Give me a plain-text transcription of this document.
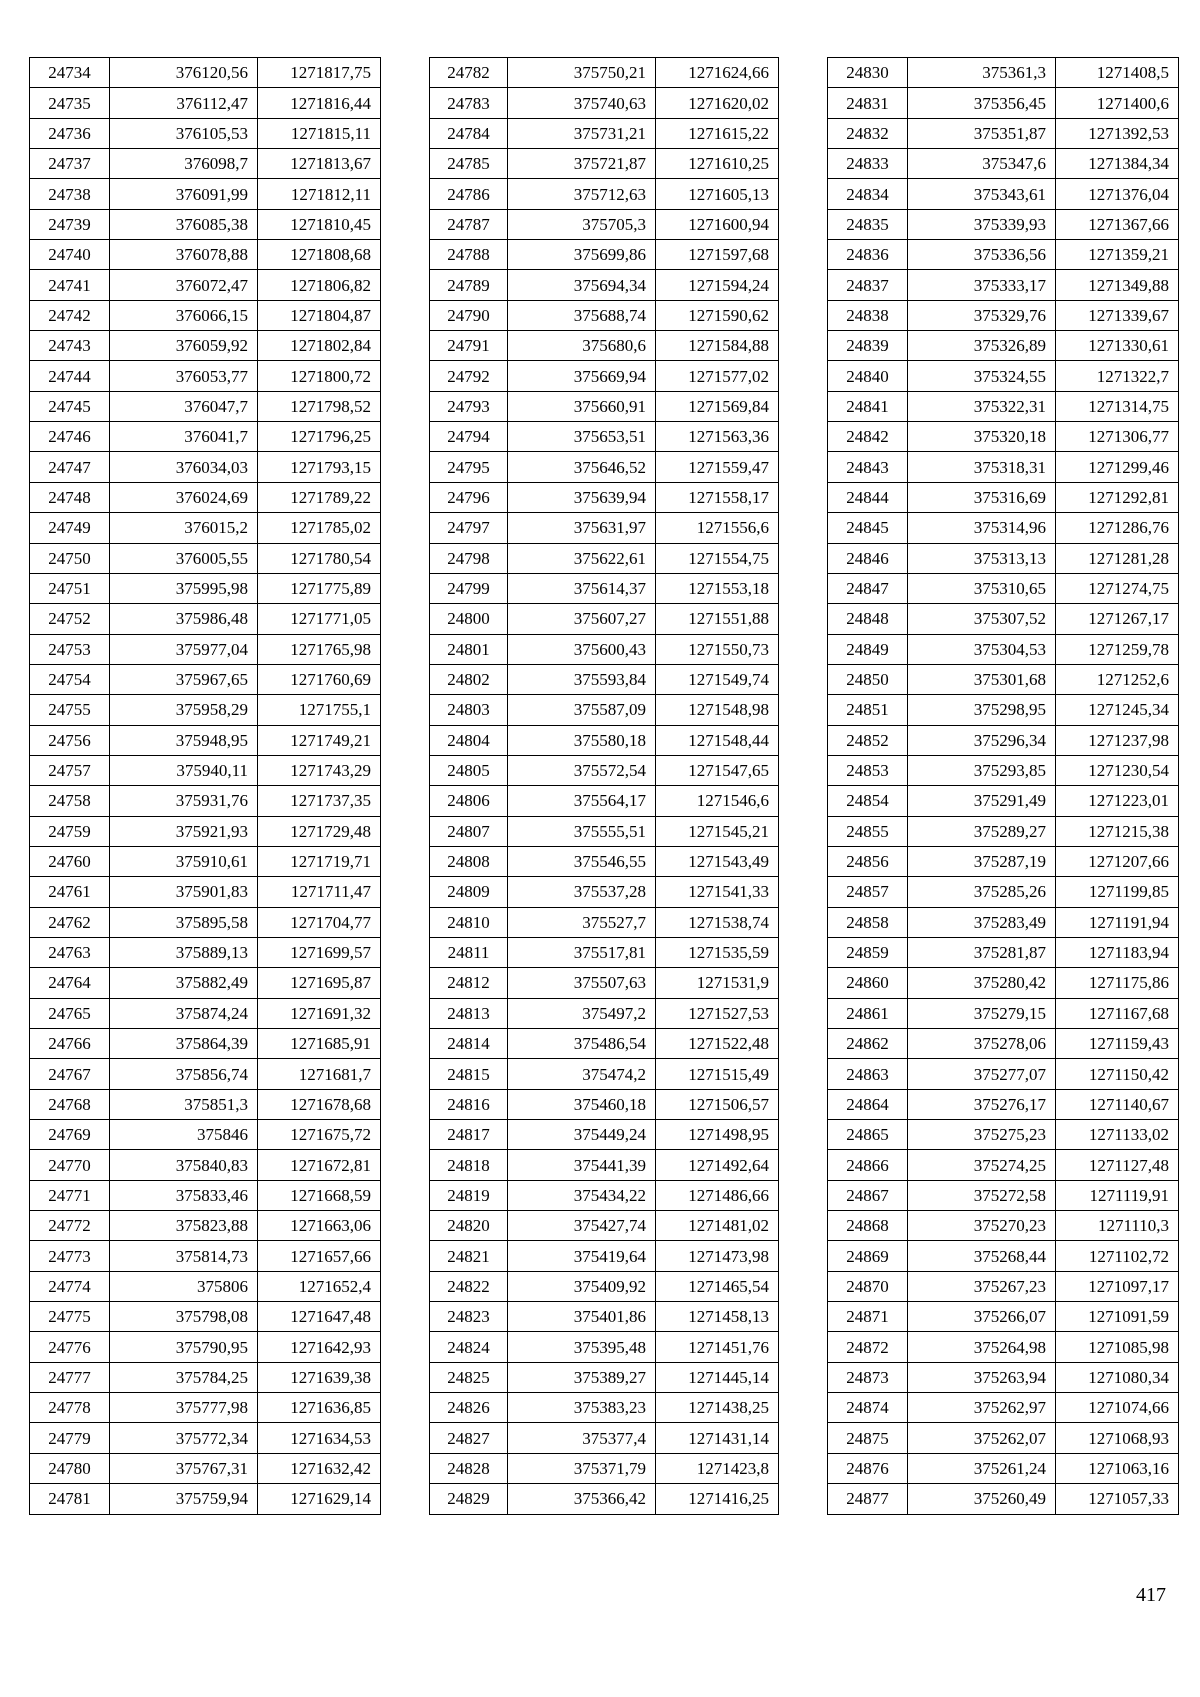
24734	376120,56	1271817,75
24735	376112,47	1271816,44
24736	376105,53	1271815,11
24737	376098,7	1271813,67
24738	376091,99	1271812,11
24739	376085,38	1271810,45
24740	376078,88	1271808,68
24741	376072,47	1271806,82
24742	376066,15	1271804,87
24743	376059,92	1271802,84
24744	376053,77	1271800,72
24745	376047,7	1271798,52
24746	376041,7	1271796,25
24747	376034,03	1271793,15
24748	376024,69	1271789,22
24749	376015,2	1271785,02
24750	376005,55	1271780,54
24751	375995,98	1271775,89
24752	375986,48	1271771,05
24753	375977,04	1271765,98
24754	375967,65	1271760,69
24755	375958,29	1271755,1
24756	375948,95	1271749,21
24757	375940,11	1271743,29
24758	375931,76	1271737,35
24759	375921,93	1271729,48
24760	375910,61	1271719,71
24761	375901,83	1271711,47
24762	375895,58	1271704,77
24763	375889,13	1271699,57
24764	375882,49	1271695,87
24765	375874,24	1271691,32
24766	375864,39	1271685,91
24767	375856,74	1271681,7
24768	375851,3	1271678,68
24769	375846	1271675,72
24770	375840,83	1271672,81
24771	375833,46	1271668,59
24772	375823,88	1271663,06
24773	375814,73	1271657,66
24774	375806	1271652,4
24775	375798,08	1271647,48
24776	375790,95	1271642,93
24777	375784,25	1271639,38
24778	375777,98	1271636,85
24779	375772,34	1271634,53
24780	375767,31	1271632,42
24781	375759,94	1271629,14
24782	375750,21	1271624,66
24783	375740,63	1271620,02
24784	375731,21	1271615,22
24785	375721,87	1271610,25
24786	375712,63	1271605,13
24787	375705,3	1271600,94
24788	375699,86	1271597,68
24789	375694,34	1271594,24
24790	375688,74	1271590,62
24791	375680,6	1271584,88
24792	375669,94	1271577,02
24793	375660,91	1271569,84
24794	375653,51	1271563,36
24795	375646,52	1271559,47
24796	375639,94	1271558,17
24797	375631,97	1271556,6
24798	375622,61	1271554,75
24799	375614,37	1271553,18
24800	375607,27	1271551,88
24801	375600,43	1271550,73
24802	375593,84	1271549,74
24803	375587,09	1271548,98
24804	375580,18	1271548,44
24805	375572,54	1271547,65
24806	375564,17	1271546,6
24807	375555,51	1271545,21
24808	375546,55	1271543,49
24809	375537,28	1271541,33
24810	375527,7	1271538,74
24811	375517,81	1271535,59
24812	375507,63	1271531,9
24813	375497,2	1271527,53
24814	375486,54	1271522,48
24815	375474,2	1271515,49
24816	375460,18	1271506,57
24817	375449,24	1271498,95
24818	375441,39	1271492,64
24819	375434,22	1271486,66
24820	375427,74	1271481,02
24821	375419,64	1271473,98
24822	375409,92	1271465,54
24823	375401,86	1271458,13
24824	375395,48	1271451,76
24825	375389,27	1271445,14
24826	375383,23	1271438,25
24827	375377,4	1271431,14
24828	375371,79	1271423,8
24829	375366,42	1271416,25
24830	375361,3	1271408,5
24831	375356,45	1271400,6
24832	375351,87	1271392,53
24833	375347,6	1271384,34
24834	375343,61	1271376,04
24835	375339,93	1271367,66
24836	375336,56	1271359,21
24837	375333,17	1271349,88
24838	375329,76	1271339,67
24839	375326,89	1271330,61
24840	375324,55	1271322,7
24841	375322,31	1271314,75
24842	375320,18	1271306,77
24843	375318,31	1271299,46
24844	375316,69	1271292,81
24845	375314,96	1271286,76
24846	375313,13	1271281,28
24847	375310,65	1271274,75
24848	375307,52	1271267,17
24849	375304,53	1271259,78
24850	375301,68	1271252,6
24851	375298,95	1271245,34
24852	375296,34	1271237,98
24853	375293,85	1271230,54
24854	375291,49	1271223,01
24855	375289,27	1271215,38
24856	375287,19	1271207,66
24857	375285,26	1271199,85
24858	375283,49	1271191,94
24859	375281,87	1271183,94
24860	375280,42	1271175,86
24861	375279,15	1271167,68
24862	375278,06	1271159,43
24863	375277,07	1271150,42
24864	375276,17	1271140,67
24865	375275,23	1271133,02
24866	375274,25	1271127,48
24867	375272,58	1271119,91
24868	375270,23	1271110,3
24869	375268,44	1271102,72
24870	375267,23	1271097,17
24871	375266,07	1271091,59
24872	375264,98	1271085,98
24873	375263,94	1271080,34
24874	375262,97	1271074,66
24875	375262,07	1271068,93
24876	375261,24	1271063,16
24877	375260,49	1271057,33
417
